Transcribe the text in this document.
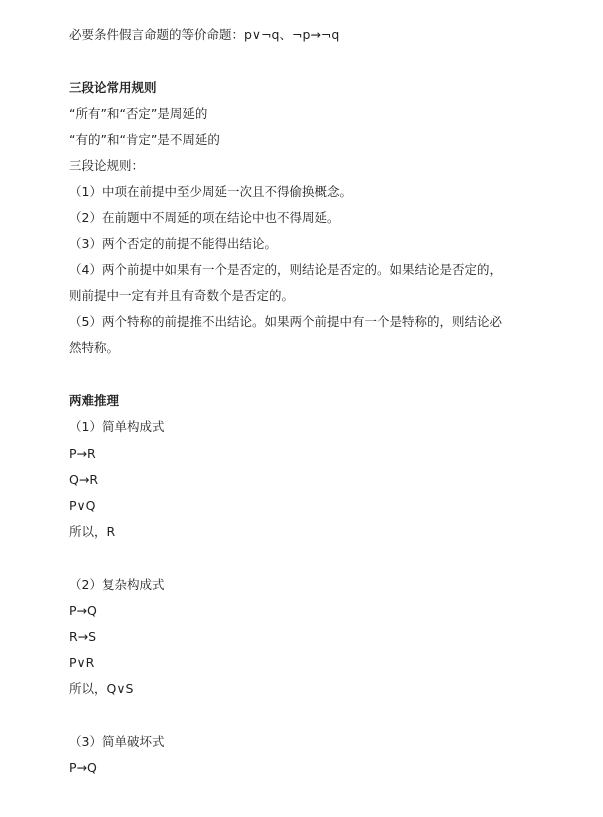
必要条件假言命题的等价命题：p∨¬q、¬p→¬q
三段论常用规则
“所有”和“否定”是周延的
“有的”和“肯定”是不周延的
三段论规则：
（1）中项在前提中至少周延一次且不得偷换概念。
（2）在前题中不周延的项在结论中也不得周延。
（3）两个否定的前提不能得出结论。
（4）两个前提中如果有一个是否定的，则结论是否定的。如果结论是否定的，
则前提中一定有并且有奇数个是否定的。
（5）两个特称的前提推不出结论。如果两个前提中有一个是特称的，则结论必
然特称。
两难推理
（1）简单构成式
P→R
Q→R
P∨Q
所以，R
（2）复杂构成式
P→Q
R→S
P∨R
所以，Q∨S
（3）简单破坏式
P→Q
